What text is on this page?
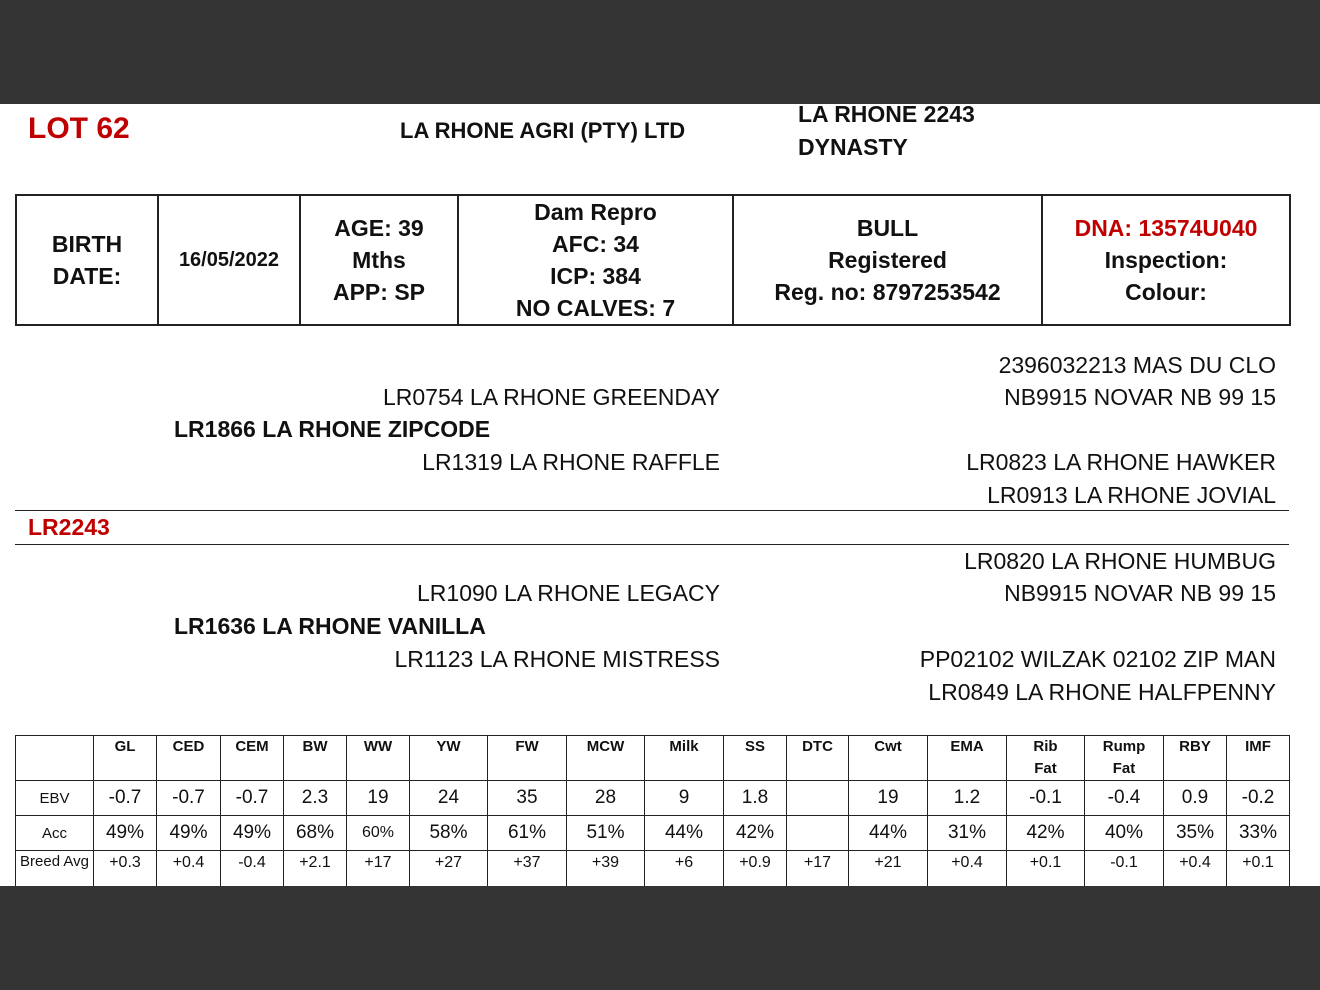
LOT 62	LA RHONE AGRI (PTY) LTD
LA RHONE 2243
DYNASTY
BIRTH
DATE:
	16/05/2022	
AGE: 39
Mths
APP: SP

Dam Repro
AFC: 34
ICP: 384
NO CALVES: 7

BULL
Registered
Reg. no: 8797253542

DNA: 13574U040
Inspection:
Colour:
2396032213 MAS DU CLO
LR0754 LA RHONE GREENDAY	NB9915 NOVAR NB 99 15
LR1866 LA RHONE ZIPCODE
LR1319 LA RHONE RAFFLE	LR0823 LA RHONE HAWKER
LR0913 LA RHONE JOVIAL
LR2243
LR0820 LA RHONE HUMBUG
LR1090 LA RHONE LEGACY	NB9915 NOVAR NB 99 15
LR1636 LA RHONE VANILLA
LR1123 LA RHONE MISTRESS	PP02102 WILZAK 02102 ZIP MAN
LR0849 LA RHONE HALFPENNY
	GL	CED	CEM	BW	WW	YW	FW	MCW	Milk	SS	DTC	Cwt	EMA	Rib Fat	Rump Fat	RBY	IMF
EBV	-0.7	-0.7	-0.7	2.3	19	24	35	28	9	1.8		19	1.2	-0.1	-0.4	0.9	-0.2
Acc	49%	49%	49%	68%	60%	58%	61%	51%	44%	42%		44%	31%	42%	40%	35%	33%
Breed Avg	+0.3	+0.4	-0.4	+2.1	+17	+27	+37	+39	+6	+0.9	+17	+21	+0.4	+0.1	-0.1	+0.4	+0.1
